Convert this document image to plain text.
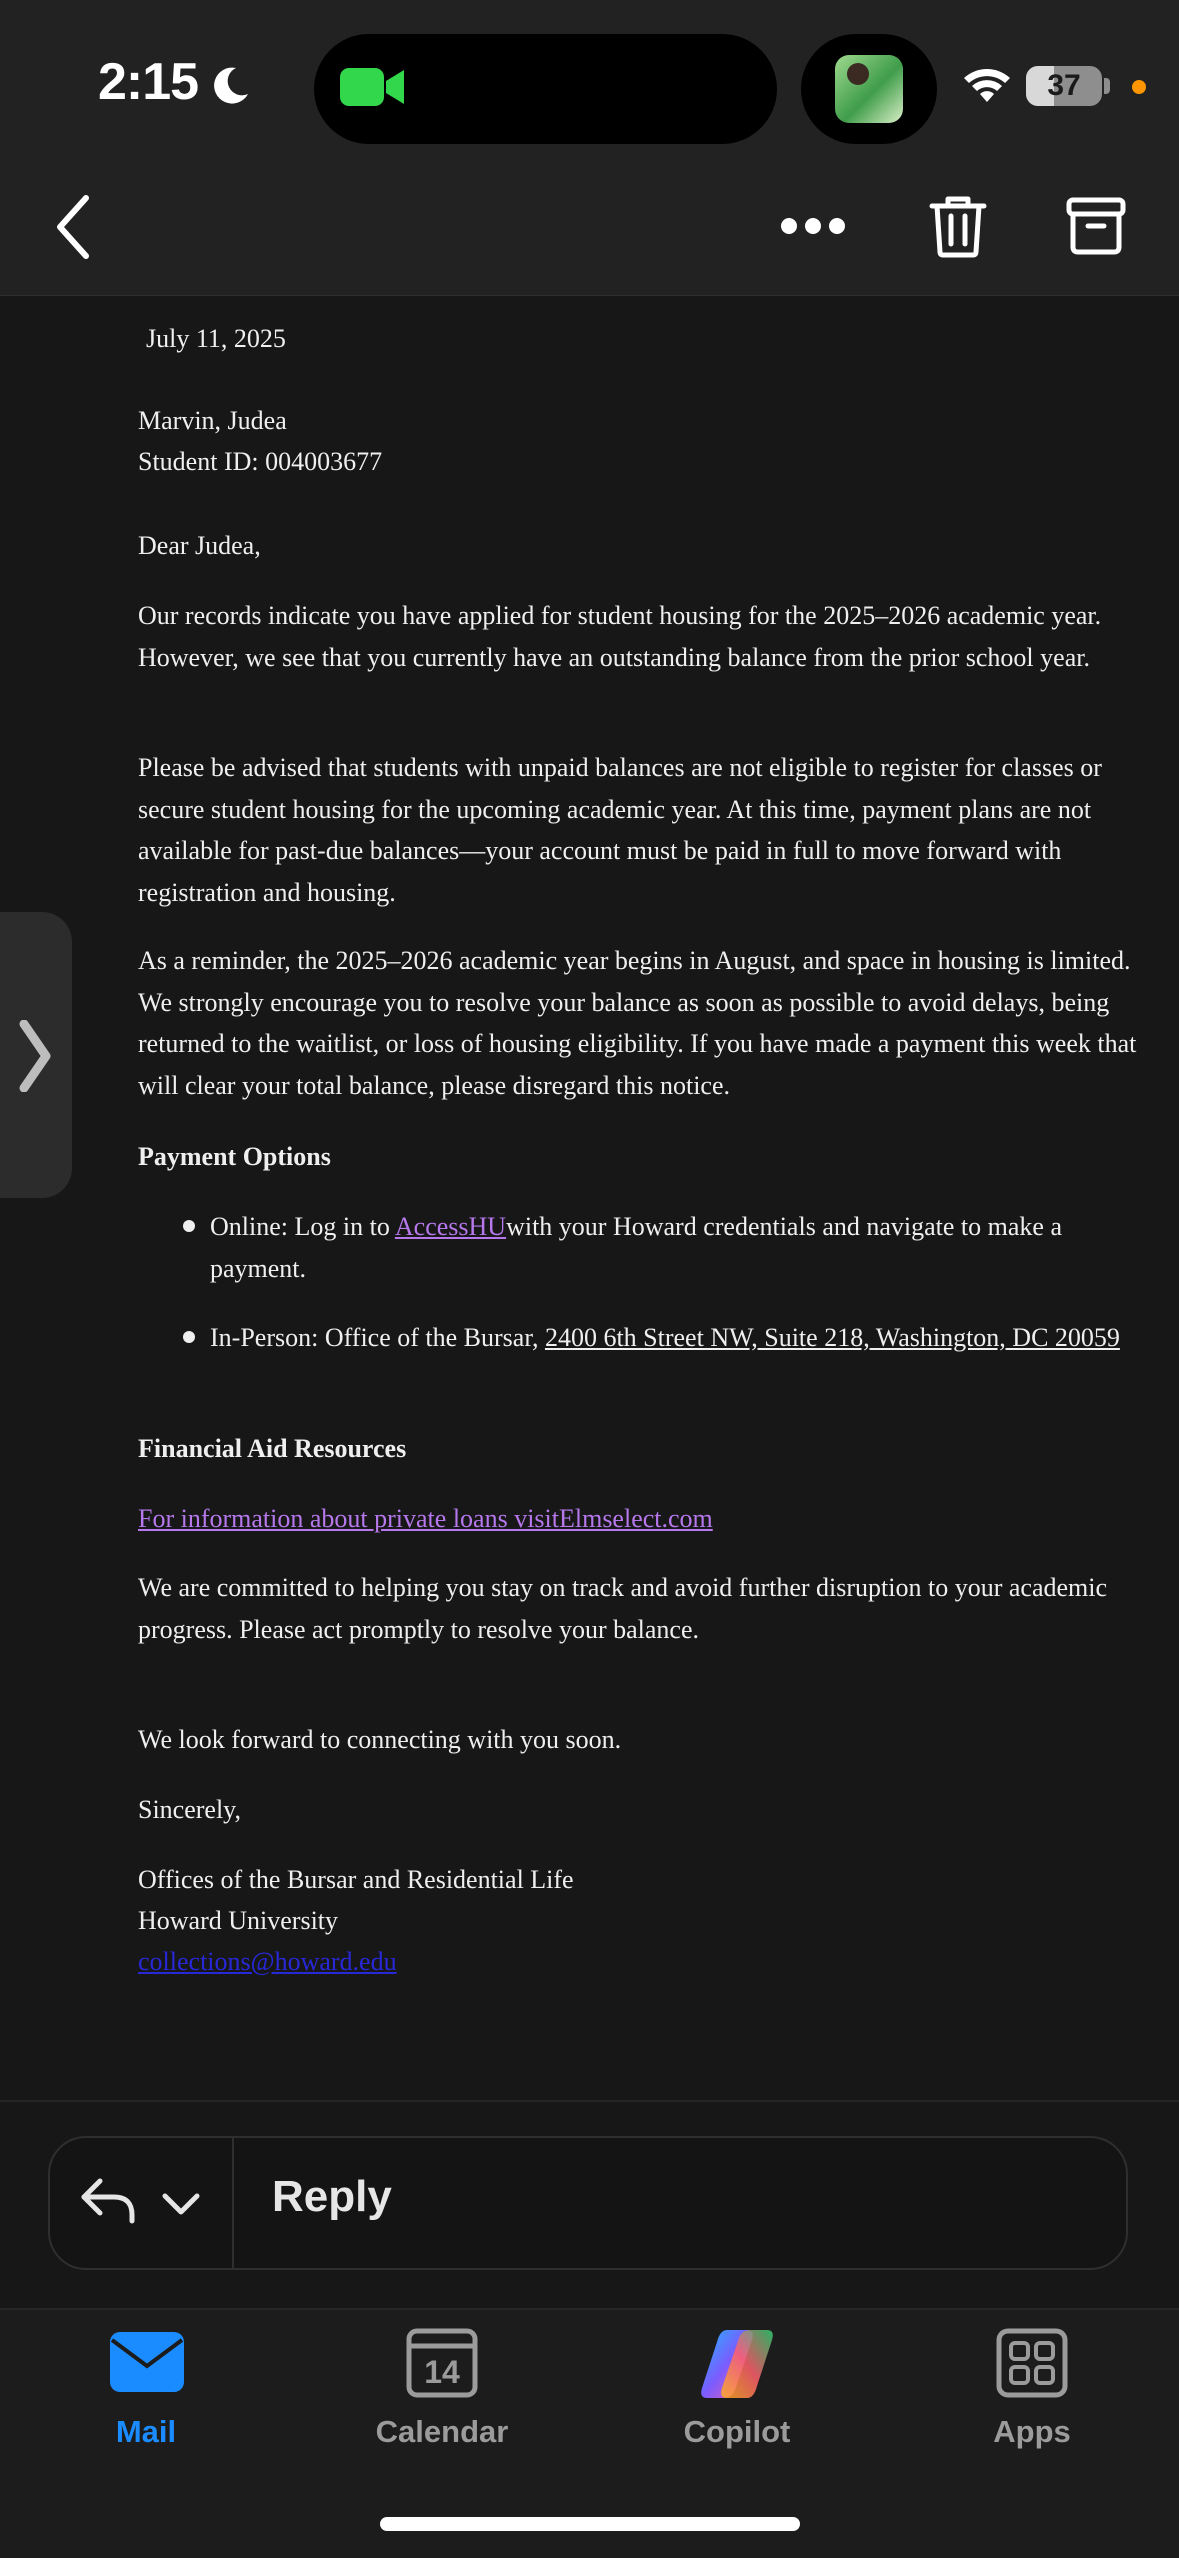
2:15	37

July 11, 2025

Marvin, Judea

Student ID: 004003677

Dear Judea,

Our records indicate you have applied for student housing for the 2025–2026 academic year. However, we see that you currently have an outstanding balance from the prior school year.

Please be advised that students with unpaid balances are not eligible to register for classes or secure student housing for the upcoming academic year. At this time, payment plans are not available for past-due balances—your account must be paid in full to move forward with registration and housing.

As a reminder, the 2025–2026 academic year begins in August, and space in housing is limited. We strongly encourage you to resolve your balance as soon as possible to avoid delays, being returned to the waitlist, or loss of housing eligibility. If you have made a payment this week that will clear your total balance, please disregard this notice.

Payment Options

Online: Log in to AccessHUwith your Howard credentials and navigate to make a payment.

In-Person: Office of the Bursar, 2400 6th Street NW, Suite 218, Washington, DC 20059

Financial Aid Resources

For information about private loans visitElmselect.com

We are committed to helping you stay on track and avoid further disruption to your academic progress. Please act promptly to resolve your balance.

We look forward to connecting with you soon.

Sincerely,

Offices of the Bursar and Residential Life

Howard University

collections@howard.edu

Reply
Mail
14
Calendar	Copilot	Apps
